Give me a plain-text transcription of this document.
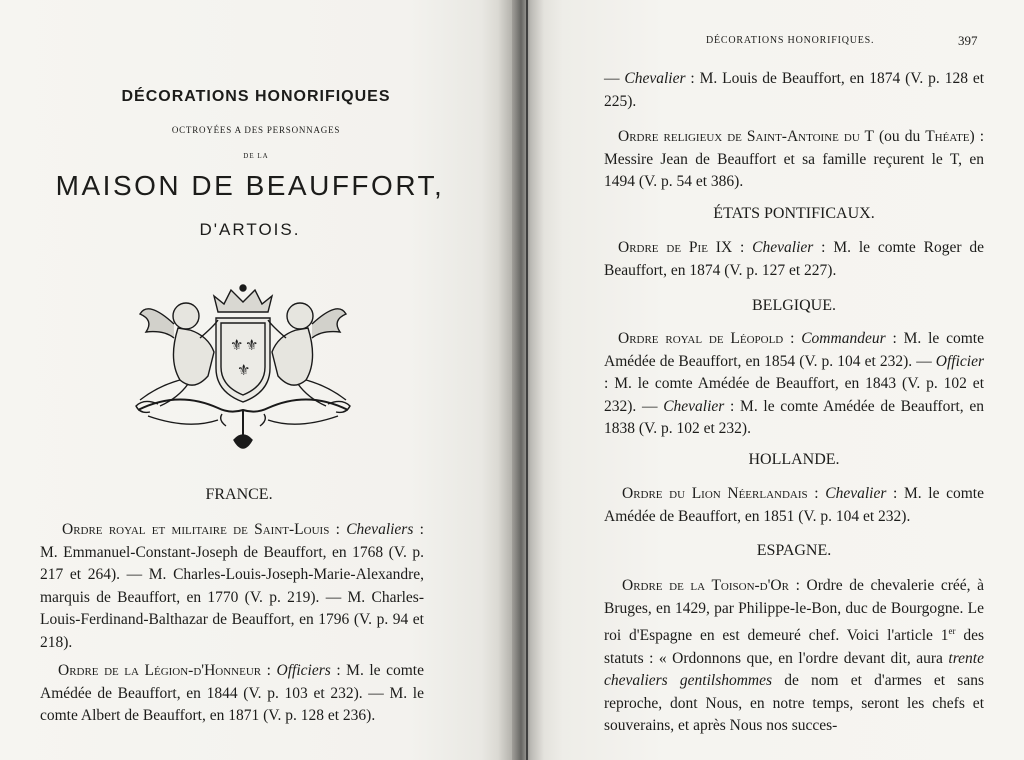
DÉCORATIONS HONORIFIQUES

OCTROYÉES A DES PERSONNAGES

DE LA

MAISON DE BEAUFFORT,

D'ARTOIS.

⚜ ⚜
⚜

FRANCE.

Ordre royal et militaire de Saint-Louis : Chevaliers : M. Emmanuel-Constant-Joseph de Beauffort, en 1768 (V. p. 217 et 264). — M. Charles-Louis-Joseph-Marie-Alexandre, marquis de Beauffort, en 1770 (V. p. 219). — M. Charles-Louis-Ferdinand-Balthazar de Beauffort, en 1796 (V. p. 94 et 218).

Ordre de la Légion-d'Honneur : Officiers : M. le comte Amédée de Beauffort, en 1844 (V. p. 103 et 232). — M. le comte Albert de Beauffort, en 1871 (V. p. 128 et 236).

DÉCORATIONS HONORIFIQUES.	397

— Chevalier : M. Louis de Beauffort, en 1874 (V. p. 128 et 225).

Ordre religieux de Saint-Antoine du T (ou du Théate) : Messire Jean de Beauffort et sa famille reçurent le T, en 1494 (V. p. 54 et 386).

ÉTATS PONTIFICAUX.

Ordre de Pie IX : Chevalier : M. le comte Roger de Beauffort, en 1874 (V. p. 127 et 227).

BELGIQUE.

Ordre royal de Léopold : Commandeur : M. le comte Amédée de Beauffort, en 1854 (V. p. 104 et 232). — Officier : M. le comte Amédée de Beauffort, en 1843 (V. p. 102 et 232). — Chevalier : M. le comte Amédée de Beauffort, en 1838 (V. p. 102 et 232).

HOLLANDE.

Ordre du Lion Néerlandais : Chevalier : M. le comte Amédée de Beauffort, en 1851 (V. p. 104 et 232).

ESPAGNE.

Ordre de la Toison-d'Or : Ordre de chevalerie créé, à Bruges, en 1429, par Philippe-le-Bon, duc de Bourgogne. Le roi d'Espagne en est demeuré chef. Voici l'article 1er des statuts : « Ordonnons que, en l'ordre devant dit, aura trente chevaliers gentilshommes de nom et d'armes et sans reproche, dont Nous, en notre temps, seront les chefs et souverains, et après Nous nos succes-
